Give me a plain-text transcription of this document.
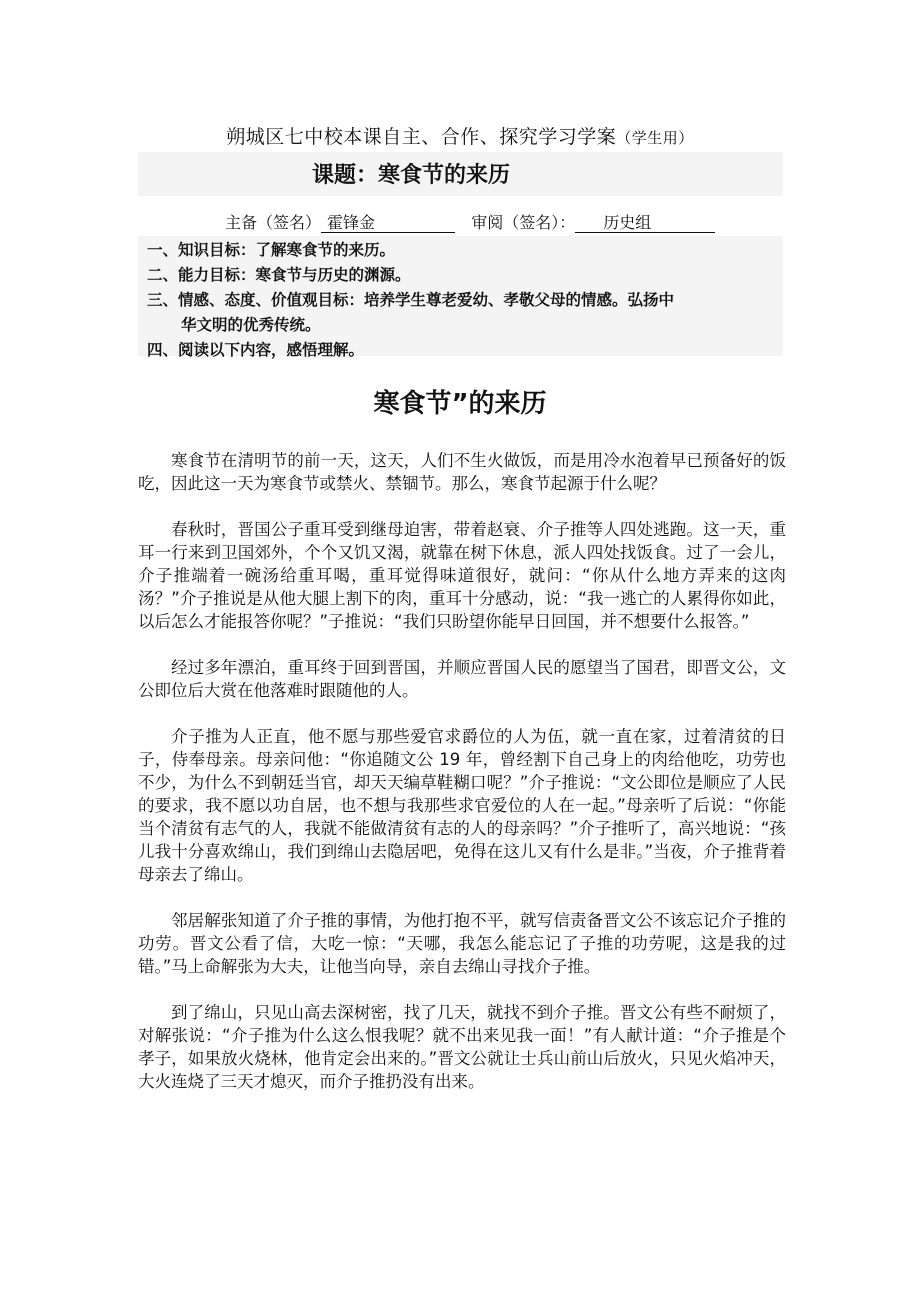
朔城区七中校本课自主、合作、探究学习学案（学生用）
课题：寒食节的来历
主备（签名） 霍锋金	审阅（签名）： 历史组
一、知识目标：了解寒食节的来历。
二、能力目标：寒食节与历史的渊源。
三、情感、态度、价值观目标：培养学生尊老爱幼、孝敬父母的情感。弘扬中
华文明的优秀传统。
四、阅读以下内容，感悟理解。
寒食节”的来历

寒食节在清明节的前一天，这天，人们不生火做饭，而是用冷水泡着早已预备好的饭吃，因此这一天为寒食节或禁火、禁锢节。那么，寒食节起源于什么呢？

春秋时，晋国公子重耳受到继母迫害，带着赵衰、介子推等人四处逃跑。这一天，重耳一行来到卫国郊外，个个又饥又渴，就靠在树下休息，派人四处找饭食。过了一会儿，介子推端着一碗汤给重耳喝，重耳觉得味道很好，就问：“你从什么地方弄来的这肉汤？”介子推说是从他大腿上割下的肉，重耳十分感动，说：“我一逃亡的人累得你如此，以后怎么才能报答你呢？”子推说：“我们只盼望你能早日回国，并不想要什么报答。”

经过多年漂泊，重耳终于回到晋国，并顺应晋国人民的愿望当了国君，即晋文公，文公即位后大赏在他落难时跟随他的人。

介子推为人正直，他不愿与那些爱官求爵位的人为伍，就一直在家，过着清贫的日子，侍奉母亲。母亲问他：“你追随文公 19 年，曾经割下自己身上的肉给他吃，功劳也不少，为什么不到朝廷当官，却天天编草鞋糊口呢？”介子推说：“文公即位是顺应了人民的要求，我不愿以功自居，也不想与我那些求官爱位的人在一起。”母亲听了后说：“你能当个清贫有志气的人，我就不能做清贫有志的人的母亲吗？”介子推听了，高兴地说：“孩儿我十分喜欢绵山，我们到绵山去隐居吧，免得在这儿又有什么是非。”当夜，介子推背着母亲去了绵山。

邻居解张知道了介子推的事情，为他打抱不平，就写信责备晋文公不该忘记介子推的功劳。晋文公看了信，大吃一惊：“天哪，我怎么能忘记了子推的功劳呢，这是我的过错。”马上命解张为大夫，让他当向导，亲自去绵山寻找介子推。

到了绵山，只见山高去深树密，找了几天，就找不到介子推。晋文公有些不耐烦了，对解张说：“介子推为什么这么恨我呢？就不出来见我一面！”有人献计道：“介子推是个孝子，如果放火烧林，他肯定会出来的。”晋文公就让士兵山前山后放火，只见火焰冲天，大火连烧了三天才熄灭，而介子推扔没有出来。
